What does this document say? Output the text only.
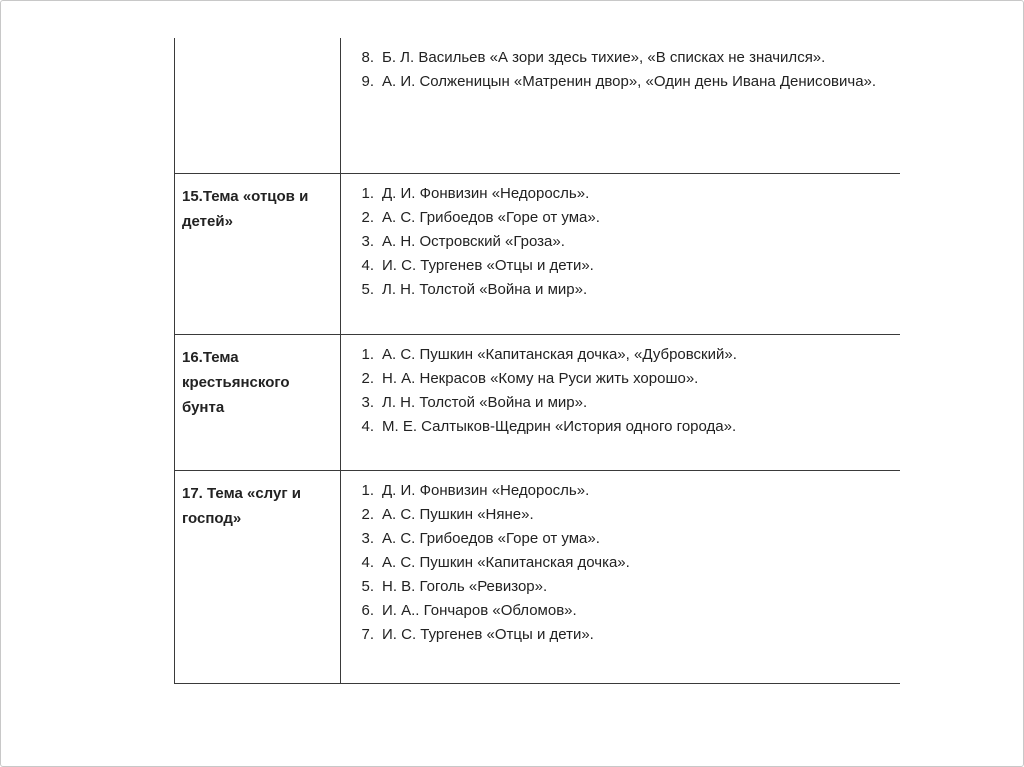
8. Б. Л. Васильев «А зори здесь тихие», «В списках не значился».
9. А. И. Солженицын «Матренин двор», «Один день Ивана Денисовича».
15.Тема «отцов и детей»
1. Д. И. Фонвизин «Недоросль».
2. А. С. Грибоедов «Горе от ума».
3. А. Н. Островский «Гроза».
4. И. С. Тургенев «Отцы и дети».
5. Л. Н. Толстой «Война и мир».
16.Тема крестьянского бунта
1. А. С. Пушкин «Капитанская дочка», «Дубровский».
2. Н. А. Некрасов «Кому на Руси жить хорошо».
3. Л. Н. Толстой «Война и мир».
4. М. Е. Салтыков-Щедрин «История одного города».
17. Тема «слуг и господ»
1. Д. И. Фонвизин «Недоросль».
2. А. С. Пушкин «Няне».
3. А. С. Грибоедов «Горе от ума».
4. А. С. Пушкин «Капитанская дочка».
5. Н. В. Гоголь «Ревизор».
6. И. А.. Гончаров «Обломов».
7. И. С. Тургенев «Отцы и дети».
